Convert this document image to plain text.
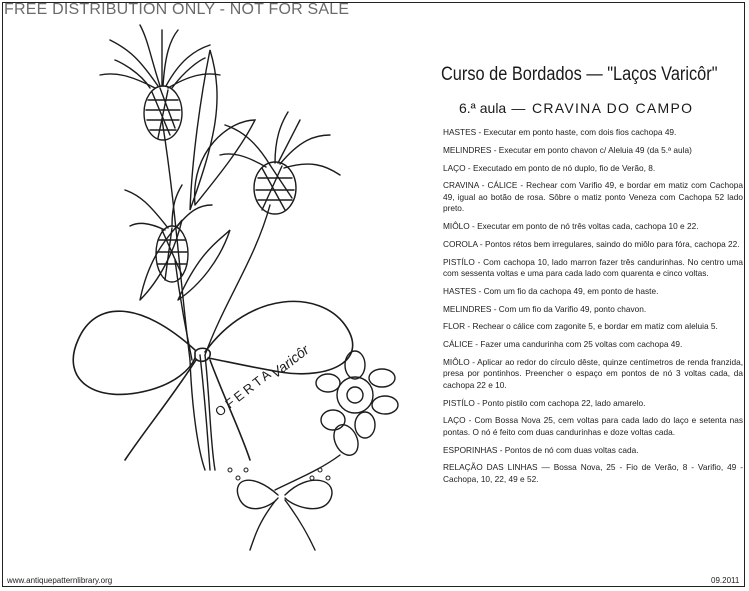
FREE DISTRIBUTION ONLY - NOT FOR SALE
OFERTA
Varicôr
Curso de Bordados — "Laços Varicôr"
6.ª aula — CRAVINA DO CAMPO

HASTES - Executar em ponto haste, com dois fios cachopa 49.

MELINDRES - Executar em ponto chavon c/ Aleluia 49 (da 5.ª aula)

LAÇO - Executado em ponto de nó duplo, fio de Verão, 8.

CRAVINA - CÁLICE - Rechear com Varifio 49, e bordar em matiz com Cachopa 49, igual ao botão de rosa. Sôbre o matiz ponto Veneza com Cachopa 52 lado preto.

MIÔLO - Executar em ponto de nó três voltas cada, cachopa 10 e 22.

COROLA - Pontos rétos bem irregulares, saindo do miôlo para fóra, cachopa 22.

PISTÍLO - Com cachopa 10, lado marron fazer três candurinhas. No centro uma com sessenta voltas e uma para cada lado com quarenta e cinco voltas.

HASTES - Com um fio da cachopa 49, em ponto de haste.

MELINDRES - Com um fio da Varifio 49, ponto chavon.

FLOR - Rechear o cálice com zagonite 5, e bordar em matiz com aleluia 5.

CÁLICE - Fazer uma candurinha com 25 voltas com cachopa 49.

MIÔLO - Aplicar ao redor do círculo dêste, quinze centímetros de renda franzida, presa por pontinhos. Preencher o espaço em pontos de nó 3 voltas cada, da cachopa 22 e 10.

PISTÍLO - Ponto pistilo com cachopa 22, lado amarelo.

LAÇO - Com Bossa Nova 25, cem voltas para cada lado do laço e setenta nas pontas. O nó é feito com duas candurinhas e doze voltas cada.

ESPORINHAS - Pontos de nó com duas voltas cada.

RELAÇÃO DAS LINHAS — Bossa Nova, 25 - Fio de Verão, 8 - Varifio, 49 - Cachopa, 10, 22, 49 e 52.

www.antiquepatternlibrary.org	09.2011
